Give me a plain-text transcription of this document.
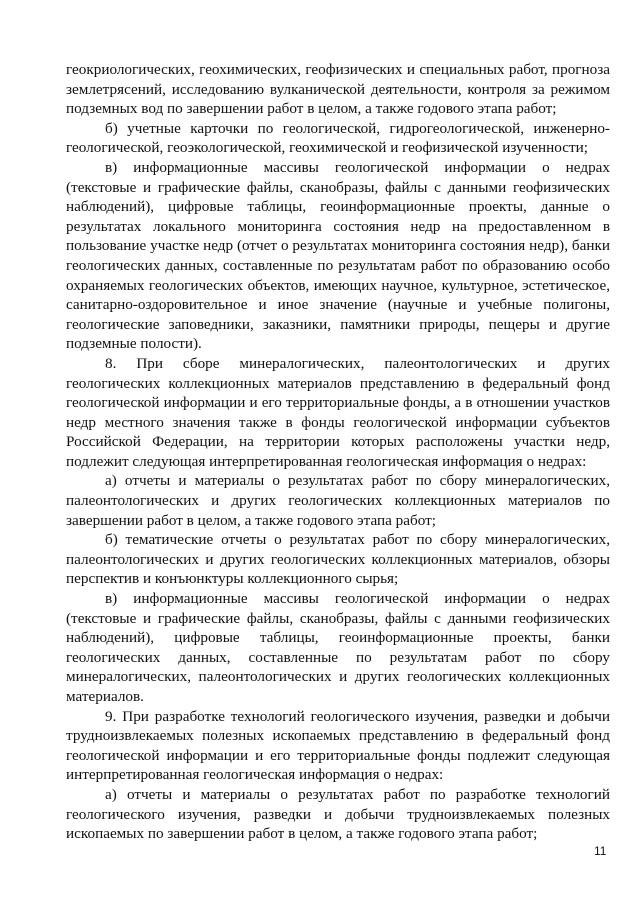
геокриологических, геохимических, геофизических и специальных работ, прогноза землетрясений, исследованию вулканической деятельности, контроля за режимом подземных вод по завершении работ в целом, а также годового этапа работ;

б) учетные карточки по геологической, гидрогеологической, инженерно-геологической, геоэкологической, геохимической и геофизической изученности;

в) информационные массивы геологической информации о недрах (текстовые и графические файлы, сканобразы, файлы с данными геофизических наблюдений), цифровые таблицы, геоинформационные проекты, данные о результатах локального мониторинга состояния недр на предоставленном в пользование участке недр (отчет о результатах мониторинга состояния недр), банки геологических данных, составленные по результатам работ по образованию особо охраняемых геологических объектов, имеющих научное, культурное, эстетическое, санитарно-оздоровительное и иное значение (научные и учебные полигоны, геологические заповедники, заказники, памятники природы, пещеры и другие подземные полости).

8. При сборе минералогических, палеонтологических и других геологических коллекционных материалов представлению в федеральный фонд геологической информации и его территориальные фонды, а в отношении участков недр местного значения также в фонды геологической информации субъектов Российской Федерации, на территории которых расположены участки недр, подлежит следующая интерпретированная геологическая информация о недрах:

а) отчеты и материалы о результатах работ по сбору минералогических, палеонтологических и других геологических коллекционных материалов по завершении работ в целом, а также годового этапа работ;

б) тематические отчеты о результатах работ по сбору минералогических, палеонтологических и других геологических коллекционных материалов, обзоры перспектив и конъюнктуры коллекционного сырья;

в) информационные массивы геологической информации о недрах (текстовые и графические файлы, сканобразы, файлы с данными геофизических наблюдений), цифровые таблицы, геоинформационные проекты, банки геологических данных, составленные по результатам работ по сбору минералогических, палеонтологических и других геологических коллекционных материалов.

9. При разработке технологий геологического изучения, разведки и добычи трудноизвлекаемых полезных ископаемых представлению в федеральный фонд геологической информации и его территориальные фонды подлежит следующая интерпретированная геологическая информация о недрах:

а) отчеты и материалы о результатах работ по разработке технологий геологического изучения, разведки и добычи трудноизвлекаемых полезных ископаемых по завершении работ в целом, а также годового этапа работ;

11
